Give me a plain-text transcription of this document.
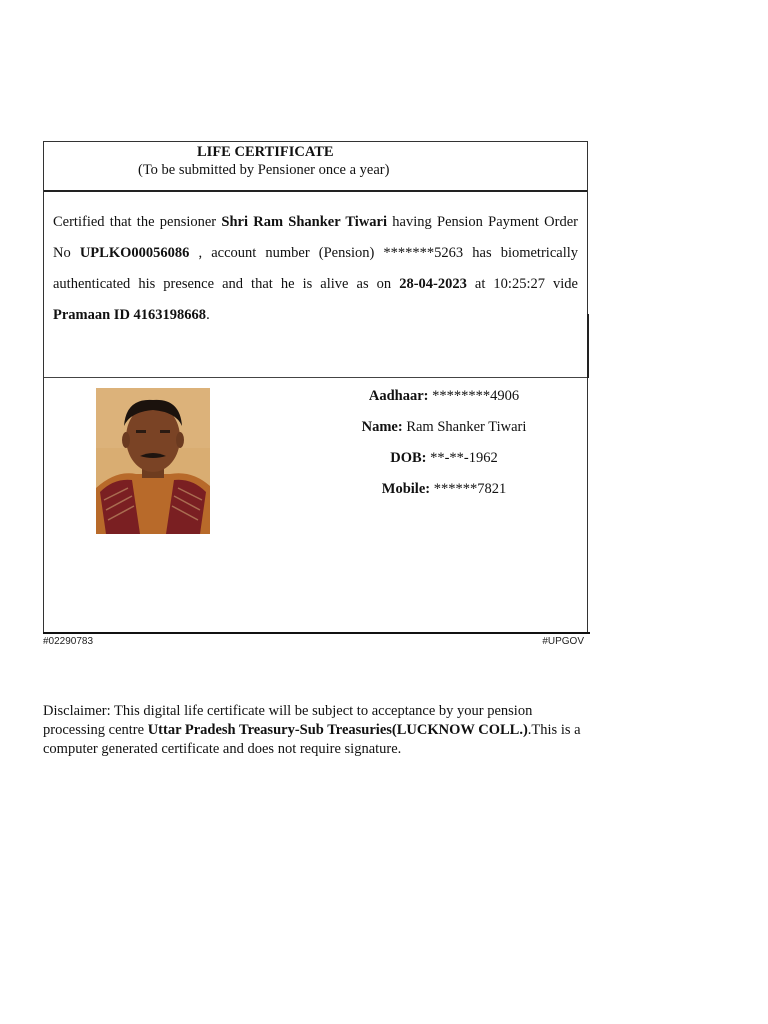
LIFE CERTIFICATE
(To be submitted by Pensioner once a year)
Certified that the pensioner Shri Ram Shanker Tiwari having Pension Payment Order No UPLKO00056086 , account number (Pension) *******5263 has biometrically authenticated his presence and that he is alive as on 28-04-2023 at 10:25:27 vide Pramaan ID 4163198668.
Aadhaar: ********4906
Name: Ram Shanker Tiwari
DOB: **-**-1962
Mobile: ******7821
#02290783	#UPGOV
Disclaimer: This digital life certificate will be subject to acceptance by your pension processing centre Uttar Pradesh Treasury-Sub Treasuries(LUCKNOW COLL.).This is a computer generated certificate and does not require signature.
